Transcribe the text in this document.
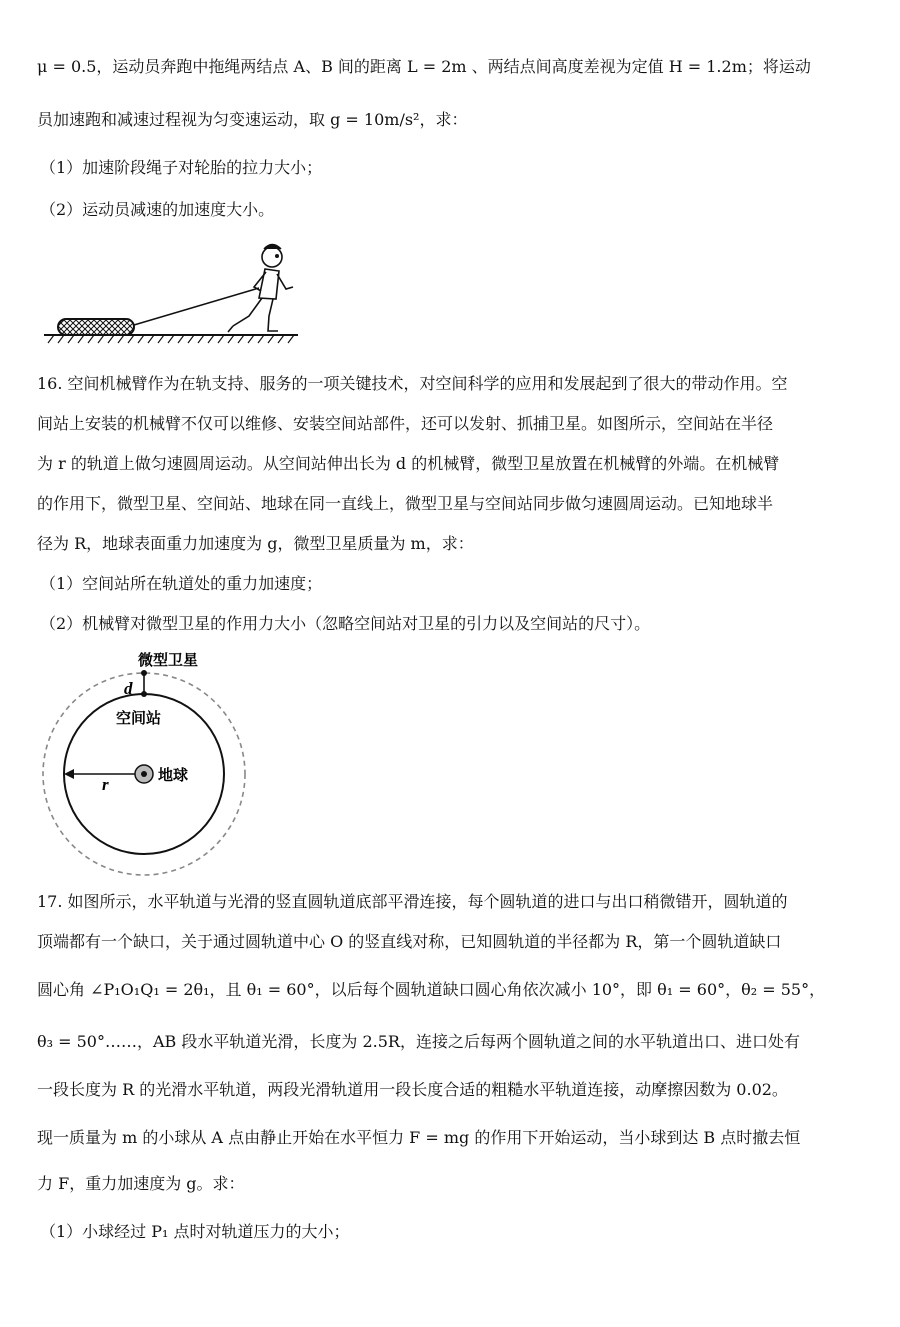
μ = 0.5，运动员奔跑中拖绳两结点 A、B 间的距离 L = 2m 、两结点间高度差视为定值 H = 1.2m；将运动
员加速跑和减速过程视为匀变速运动，取 g = 10m/s²，求：
（1）加速阶段绳子对轮胎的拉力大小；
（2）运动员减速的加速度大小。
16. 空间机械臂作为在轨支持、服务的一项关键技术，对空间科学的应用和发展起到了很大的带动作用。空
间站上安装的机械臂不仅可以维修、安装空间站部件，还可以发射、抓捕卫星。如图所示，空间站在半径
为 r 的轨道上做匀速圆周运动。从空间站伸出长为 d 的机械臂，微型卫星放置在机械臂的外端。在机械臂
的作用下，微型卫星、空间站、地球在同一直线上，微型卫星与空间站同步做匀速圆周运动。已知地球半
径为 R，地球表面重力加速度为 g，微型卫星质量为 m，求：
（1）空间站所在轨道处的重力加速度；
（2）机械臂对微型卫星的作用力大小（忽略空间站对卫星的引力以及空间站的尺寸）。
微型卫星
d
空间站
地球
r
17. 如图所示，水平轨道与光滑的竖直圆轨道底部平滑连接，每个圆轨道的进口与出口稍微错开，圆轨道的
顶端都有一个缺口，关于通过圆轨道中心 O 的竖直线对称，已知圆轨道的半径都为 R，第一个圆轨道缺口
圆心角 ∠P₁O₁Q₁ = 2θ₁，且 θ₁ = 60°，以后每个圆轨道缺口圆心角依次减小 10°，即 θ₁ = 60°，θ₂ = 55°，
θ₃ = 50°……，AB 段水平轨道光滑，长度为 2.5R，连接之后每两个圆轨道之间的水平轨道出口、进口处有
一段长度为 R 的光滑水平轨道，两段光滑轨道用一段长度合适的粗糙水平轨道连接，动摩擦因数为 0.02。
现一质量为 m 的小球从 A 点由静止开始在水平恒力 F = mg 的作用下开始运动，当小球到达 B 点时撤去恒
力 F，重力加速度为 g。求：
（1）小球经过 P₁ 点时对轨道压力的大小；
